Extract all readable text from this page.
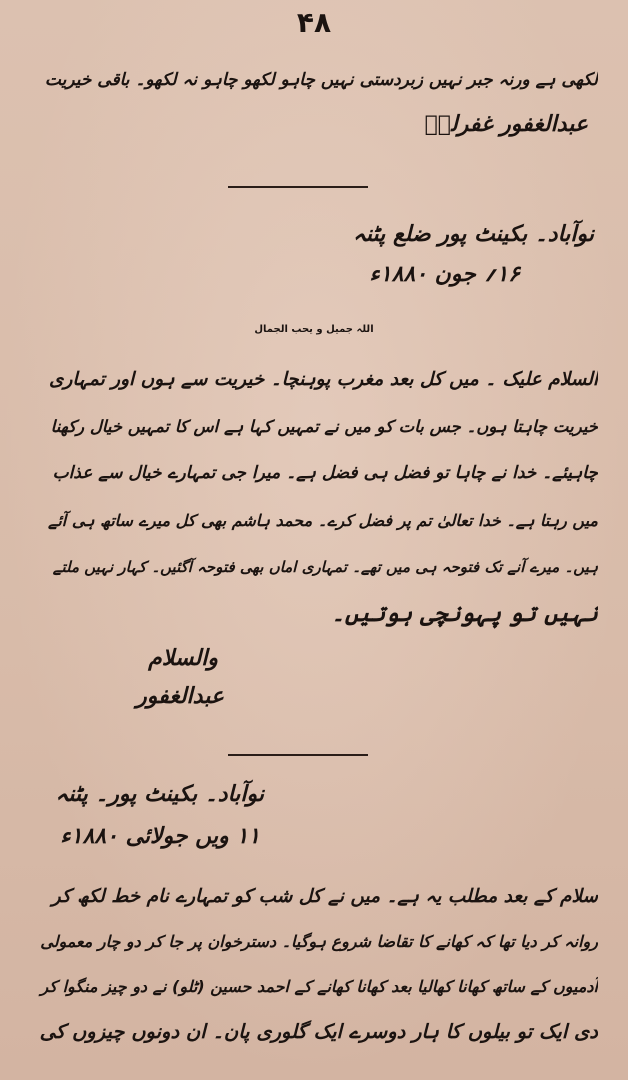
۴۸
لکھی ہے ورنہ جبر نہیں زبردستی نہیں چاہو لکھو چاہو نہ لکھو۔ باقی خیریت
عبدالغفور غفرلہٗ
نوآباد۔ بکینٹ پور ضلع پٹنہ
۱۶؍ جون ۱۸۸۰ء
اللہ جمیل و یحب الجمال
السلام علیک ۔ میں کل بعد مغرب پوہنچا۔ خیریت سے ہوں اور تمہاری
خیریت چاہتا ہوں۔ جس بات کو میں نے تمہیں کہا ہے اس کا تمہیں خیال رکھنا
چاہیئے۔ خدا نے چاہا تو فضل ہی فضل ہے۔ میرا جی تمہارے خیال سے عذاب
میں رہتا ہے۔ خدا تعالیٰ تم پر فضل کرے۔ محمد ہاشم بھی کل میرے ساتھ ہی آئے
ہیں۔ میرے آنے تک فتوحہ ہی میں تھے۔ تمہاری اماں بھی فتوحہ آگئیں۔ کہار نہیں ملتے
نہیں تو پہونچی ہوتیں۔
والسلام
عبدالغفور
نوآباد۔ بکینٹ پور۔ پٹنہ
۱۱ ویں جولائی ۱۸۸۰ء
سلام کے بعد مطلب یہ ہے۔ میں نے کل شب کو تمہارے نام خط لکھ کر
روانہ کر دیا تھا کہ کھانے کا تقاضا شروع ہوگیا۔ دسترخوان پر جا کر دو چار معمولی
آدمیوں کے ساتھ کھانا کھالیا بعد کھانا کھانے کے احمد حسین (ٹلو) نے دو چیز منگوا کر
دی ایک تو بیلوں کا ہار دوسرے ایک گلوری پان۔ ان دونوں چیزوں کی
